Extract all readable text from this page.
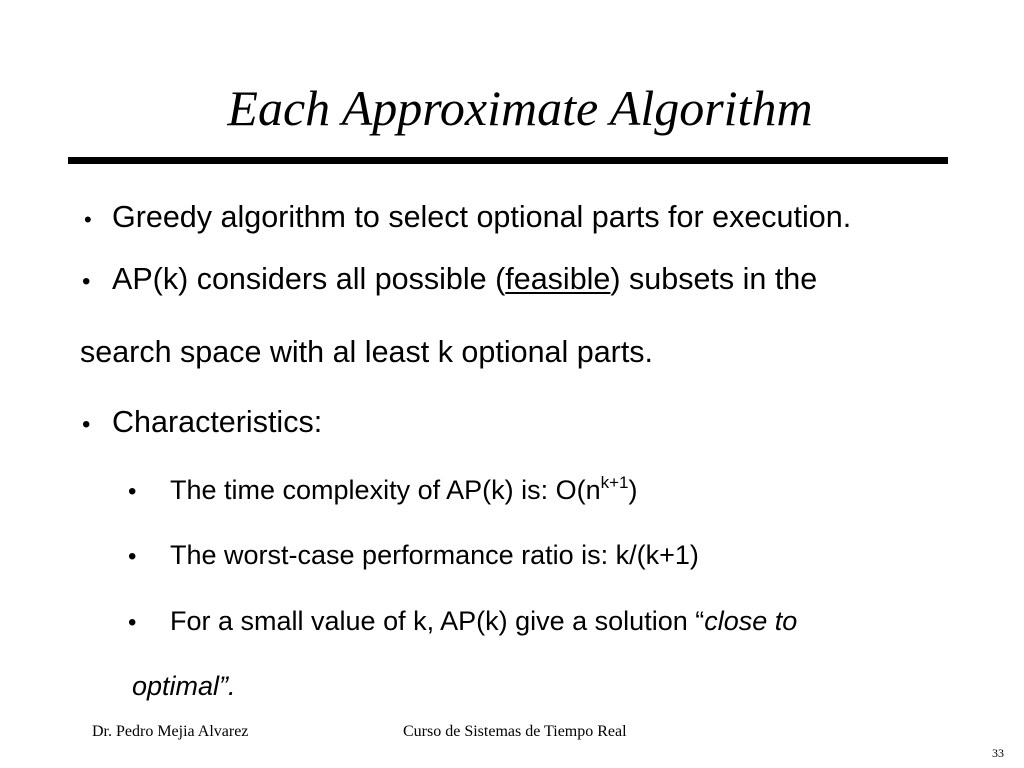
Each Approximate Algorithm
• Greedy algorithm to select optional parts for execution.
• AP(k) considers all possible (feasible) subsets in the
search space with al least k optional parts.
• Characteristics:
• The time complexity of AP(k) is: $O(n^{k+1})$
• The worst-case performance ratio is: k/(k+1)
• For a small value of k, AP(k) give a solution “close to
optimal”.
Dr. Pedro Mejia Alvarez	Curso de Sistemas de Tiempo Real
33
